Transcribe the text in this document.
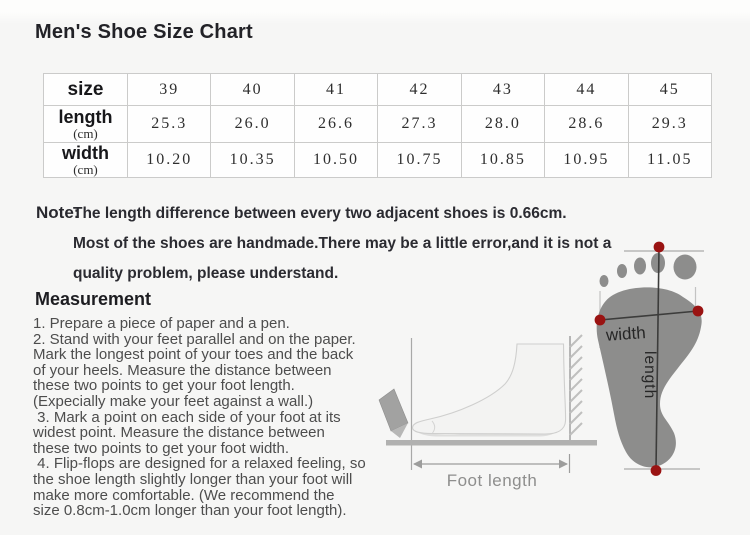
Men's Shoe Size Chart
size	39	40	41	42	43	44	45

length
(cm)	25.3	26.0	26.6	27.3	28.0	28.6	29.3

width
(cm)	10.20	10.35	10.50	10.75	10.85	10.95	11.05
Note:
The length difference between every two adjacent shoes is 0.66cm.
Most of the shoes are handmade.There may be a little error,and it is not a
quality problem, please understand.
Measurement
1. Prepare a piece of paper and a pen.
2. Stand with your feet parallel and on the paper.
Mark the longest point of your toes and the back
of your heels. Measure the distance between
these two points to get your foot length.
(Expecially make your feet against a wall.)
3. Mark a point on each side of your foot at its
widest point. Measure the distance between
these two points to get your foot width.
4. Flip-flops are designed for a relaxed feeling, so
the shoe length slightly longer than your foot will
make more comfortable. (We recommend the
size 0.8cm-1.0cm longer than your foot length).
Foot length
width
length
